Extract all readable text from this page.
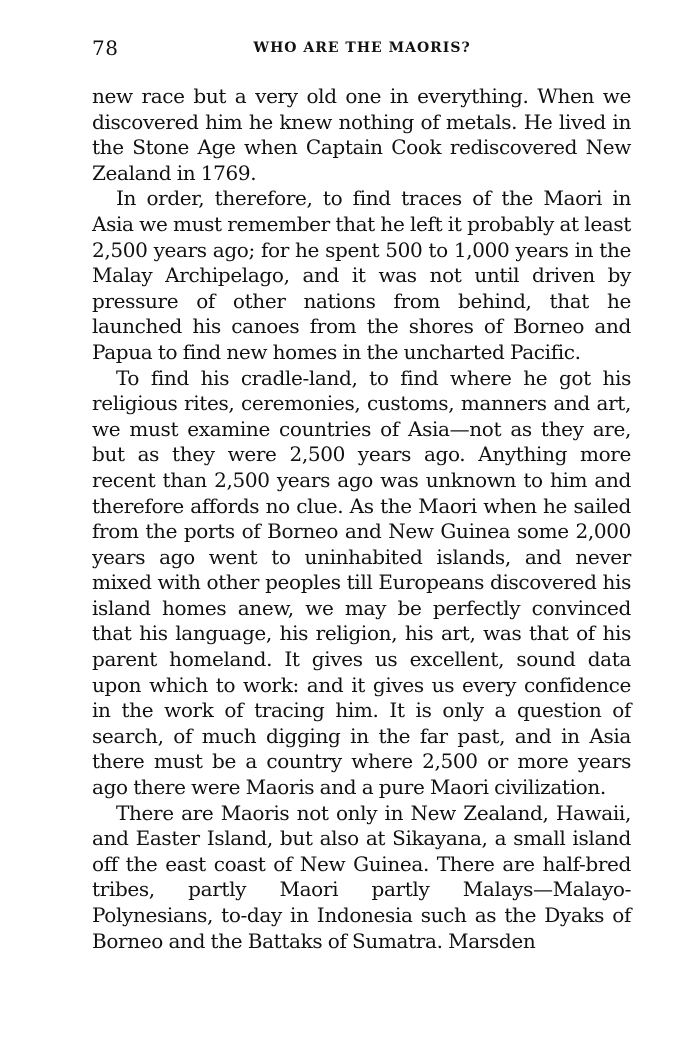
78	WHO ARE THE MAORIS?

new race but a very old one in everything. When we discovered him he knew nothing of metals. He lived in the Stone Age when Captain Cook rediscovered New Zealand in 1769.

In order, therefore, to find traces of the Maori in Asia we must remember that he left it probably at least 2,500 years ago; for he spent 500 to 1,000 years in the Malay Archipelago, and it was not until driven by pressure of other nations from behind, that he launched his canoes from the shores of Borneo and Papua to find new homes in the uncharted Pacific.

To find his cradle-land, to find where he got his religious rites, ceremonies, customs, manners and art, we must examine countries of Asia—not as they are, but as they were 2,500 years ago. Anything more recent than 2,500 years ago was unknown to him and therefore affords no clue. As the Maori when he sailed from the ports of Borneo and New Guinea some 2,000 years ago went to uninhabited islands, and never mixed with other peoples till Europeans discovered his island homes anew, we may be perfectly convinced that his language, his religion, his art, was that of his parent homeland. It gives us excellent, sound data upon which to work: and it gives us every confidence in the work of tracing him. It is only a question of search, of much digging in the far past, and in Asia there must be a country where 2,500 or more years ago there were Maoris and a pure Maori civilization.

There are Maoris not only in New Zealand, Hawaii, and Easter Island, but also at Sikayana, a small island off the east coast of New Guinea. There are half-bred tribes, partly Maori partly Malays—Malayo-Polynesians, to-day in Indonesia such as the Dyaks of Borneo and the Battaks of Sumatra. Marsden
